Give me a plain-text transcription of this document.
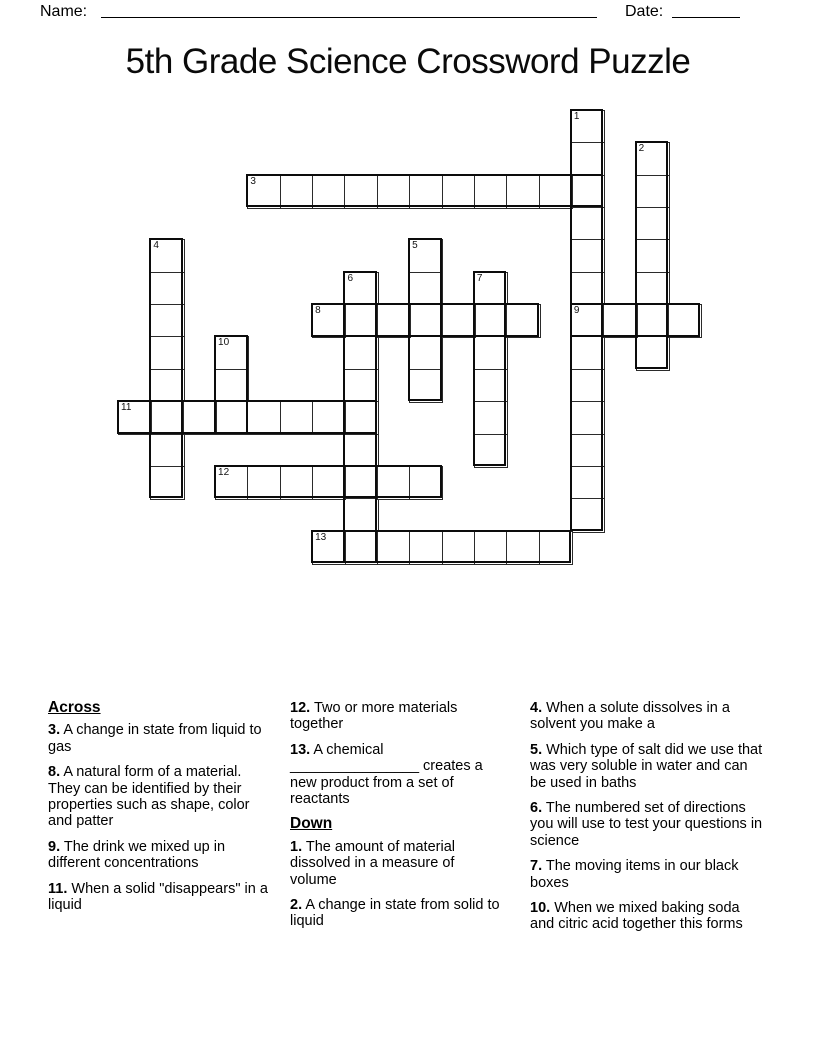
Name:	Date:
5th Grade Science Crossword Puzzle
1
9
2
3
4	5
6	7
8
10
11
12
13

Across

3. A change in state from liquid to gas

8. A natural form of a material. They can be identified by their properties such as shape, color and patter

9. The drink we mixed up in different concentrations

11. When a solid "disappears" in a liquid

12. Two or more materials together

13. A chemical ________________ creates a new product from a set of reactants

Down

1. The amount of material dissolved in a measure of volume

2. A change in state from solid to liquid

4. When a solute dissolves in a solvent you make a

5. Which type of salt did we use that was very soluble in water and can be used in baths

6. The numbered set of directions you will use to test your questions in science

7. The moving items in our black boxes

10. When we mixed baking soda and citric acid together this forms
